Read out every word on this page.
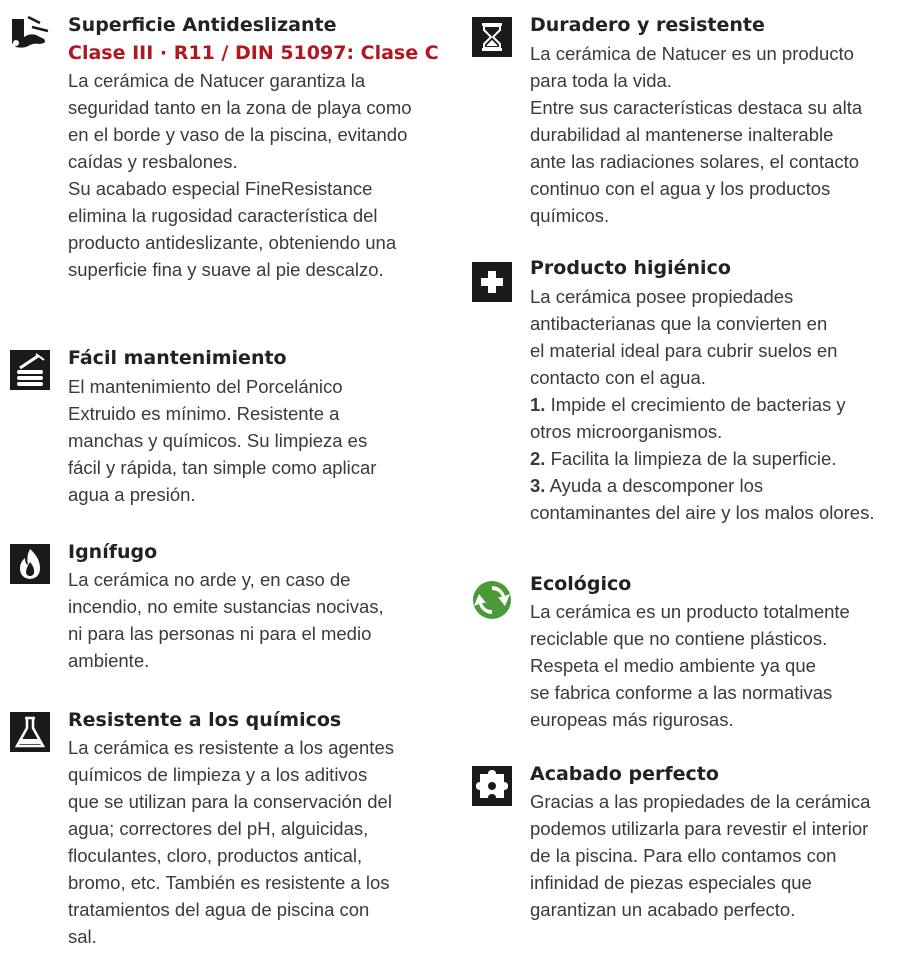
Superficie Antideslizante

Clase III · R11 / DIN 51097: Clase C

La cerámica de Natucer garantiza la

seguridad tanto en la zona de playa como

en el borde y vaso de la piscina, evitando

caídas y resbalones.

Su acabado especial FineResistance

elimina la rugosidad característica del

producto antideslizante, obteniendo una

superficie fina y suave al pie descalzo.

Fácil mantenimiento

El mantenimiento del Porcelánico

Extruido es mínimo. Resistente a

manchas y químicos. Su limpieza es

fácil y rápida, tan simple como aplicar

agua a presión.

Ignífugo

La cerámica no arde y, en caso de

incendio, no emite sustancias nocivas,

ni para las personas ni para el medio

ambiente.

Resistente a los químicos

La cerámica es resistente a los agentes

químicos de limpieza y a los aditivos

que se utilizan para la conservación del

agua; correctores del pH, alguicidas,

floculantes, cloro, productos antical,

bromo, etc. También es resistente a los

tratamientos del agua de piscina con

sal.

Duradero y resistente

La cerámica de Natucer es un producto

para toda la vida.

Entre sus características destaca su alta

durabilidad al mantenerse inalterable

ante las radiaciones solares, el contacto

continuo con el agua y los productos

químicos.

Producto higiénico

La cerámica posee propiedades

antibacterianas que la convierten en

el material ideal para cubrir suelos en

contacto con el agua.

1. Impide el crecimiento de bacterias y

otros microorganismos.

2. Facilita la limpieza de la superficie.

3. Ayuda a descomponer los

contaminantes del aire y los malos olores.

Ecológico

La cerámica es un producto totalmente

reciclable que no contiene plásticos.

Respeta el medio ambiente ya que

se fabrica conforme a las normativas

europeas más rigurosas.

Acabado perfecto

Gracias a las propiedades de la cerámica

podemos utilizarla para revestir el interior

de la piscina. Para ello contamos con

infinidad de piezas especiales que

garantizan un acabado perfecto.
